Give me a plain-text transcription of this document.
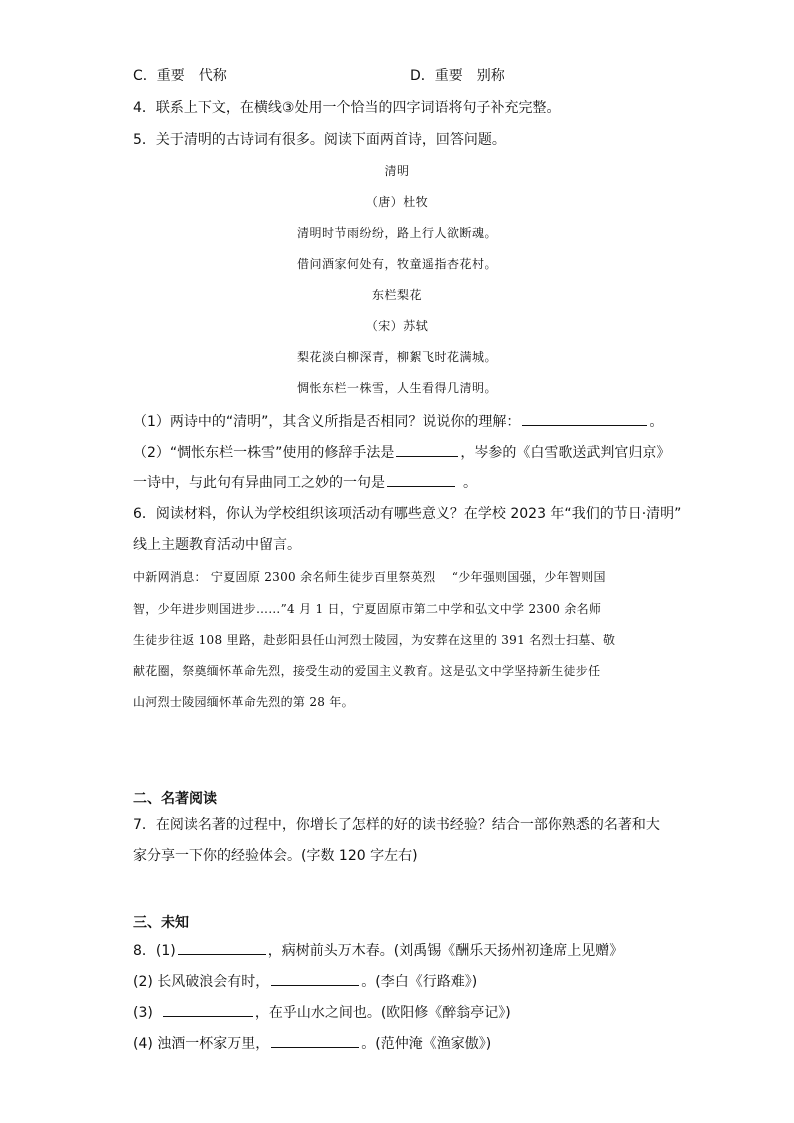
C．重要　代称	D．重要　别称
4．联系上下文，在横线③处用一个恰当的四字词语将句子补充完整。
5．关于清明的古诗词有很多。阅读下面两首诗，回答问题。
清明
（唐）杜牧
清明时节雨纷纷，路上行人欲断魂。
借问酒家何处有，牧童遥指杏花村。
东栏梨花
（宋）苏轼
梨花淡白柳深青，柳絮飞时花满城。
惆怅东栏一株雪，人生看得几清明。
（1）两诗中的“清明”，其含义所指是否相同？说说你的理解：	。
（2）“惆怅东栏一株雪”使用的修辞手法是	，岑参的《白雪歌送武判官归京》
一诗中，与此句有异曲同工之妙的一句是	。
6．阅读材料，你认为学校组织该项活动有哪些意义？在学校 2023 年“我们的节日·清明”
线上主题教育活动中留言。
中新网消息： 宁夏固原 2300 余名师生徒步百里祭英烈　 “少年强则国强，少年智则国
智，少年进步则国进步……”4 月 1 日，宁夏固原市第二中学和弘文中学 2300 余名师
生徒步往返 108 里路，赴彭阳县任山河烈士陵园，为安葬在这里的 391 名烈士扫墓、敬
献花圈，祭奠缅怀革命先烈，接受生动的爱国主义教育。这是弘文中学坚持新生徒步任
山河烈士陵园缅怀革命先烈的第 28 年。
二、名著阅读
7．在阅读名著的过程中，你增长了怎样的好的读书经验？结合一部你熟悉的名著和大
家分享一下你的经验体会。(字数 120 字左右)
三、未知
8．(1)	，病树前头万木春。(刘禹锡《酬乐天扬州初逢席上见赠》
(2) 长风破浪会有时，	。(李白《行路难》)
(3)	，在乎山水之间也。(欧阳修《醉翁亭记》)
(4) 浊酒一杯家万里，	。(范仲淹《渔家傲》)
